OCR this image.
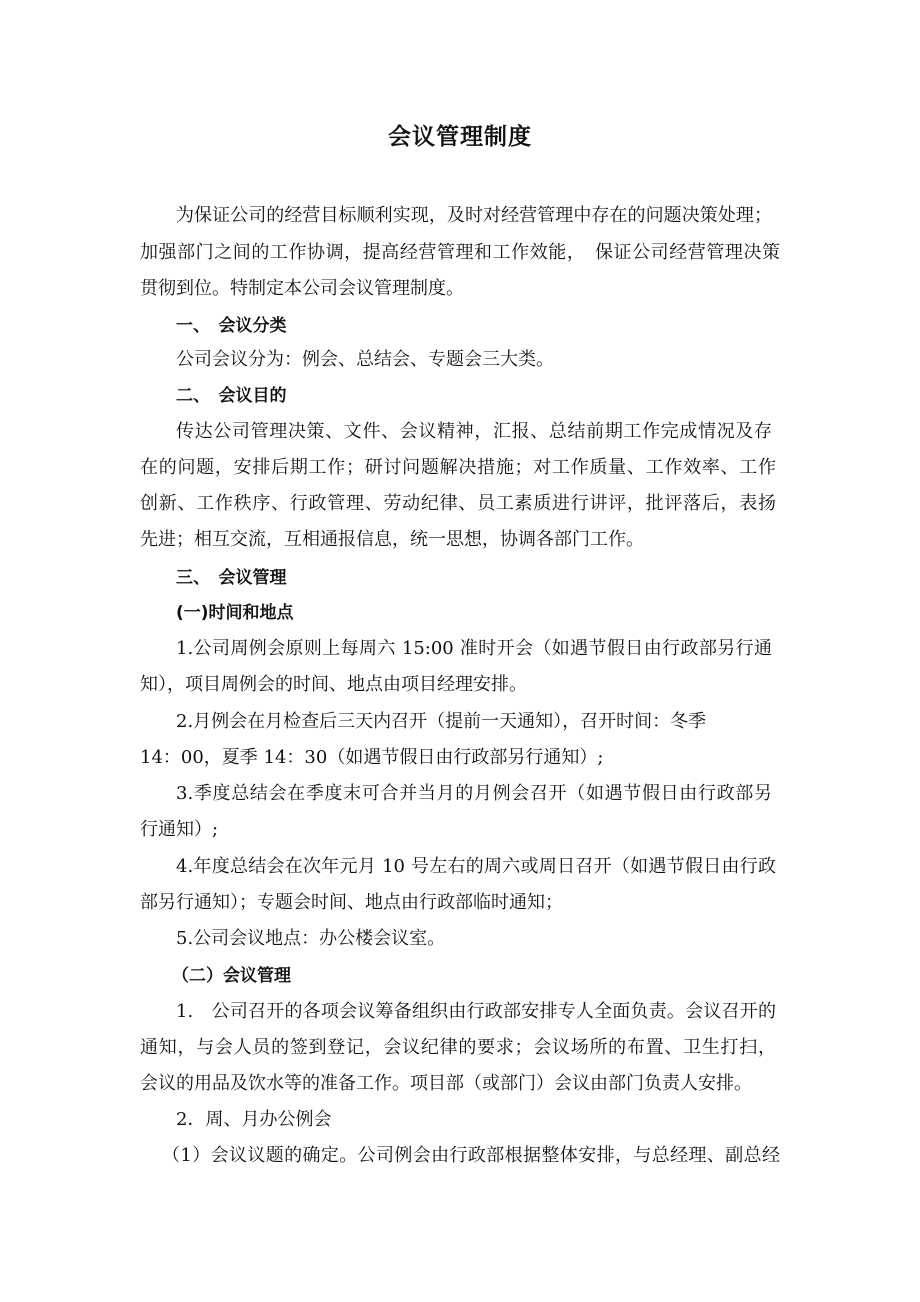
会议管理制度
为保证公司的经营目标顺利实现，及时对经营管理中存在的问题决策处理；
加强部门之间的工作协调，提高经营管理和工作效能，　保证公司经营管理决策
贯彻到位。特制定本公司会议管理制度。
一、　会议分类
公司会议分为：例会、总结会、专题会三大类。
二、　会议目的
传达公司管理决策、文件、会议精神，汇报、总结前期工作完成情况及存
在的问题，安排后期工作；研讨问题解决措施；对工作质量、工作效率、工作
创新、工作秩序、行政管理、劳动纪律、员工素质进行讲评，批评落后，表扬
先进；相互交流，互相通报信息，统一思想，协调各部门工作。
三、　会议管理
(一)时间和地点
1.公司周例会原则上每周六 15:00 准时开会（如遇节假日由行政部另行通
知），项目周例会的时间、地点由项目经理安排。
2.月例会在月检查后三天内召开（提前一天通知），召开时间：冬季
14：00，夏季 14：30（如遇节假日由行政部另行通知）;
3.季度总结会在季度末可合并当月的月例会召开（如遇节假日由行政部另
行通知）;
4.年度总结会在次年元月 10 号左右的周六或周日召开（如遇节假日由行政
部另行通知）；专题会时间、地点由行政部临时通知；
5.公司会议地点：办公楼会议室。
（二）会议管理
1.　公司召开的各项会议筹备组织由行政部安排专人全面负责。会议召开的
通知，与会人员的签到登记，会议纪律的要求；会议场所的布置、卫生打扫，
会议的用品及饮水等的准备工作。项目部（或部门）会议由部门负责人安排。
2．周、月办公例会
（1）会议议题的确定。公司例会由行政部根据整体安排，与总经理、副总经
